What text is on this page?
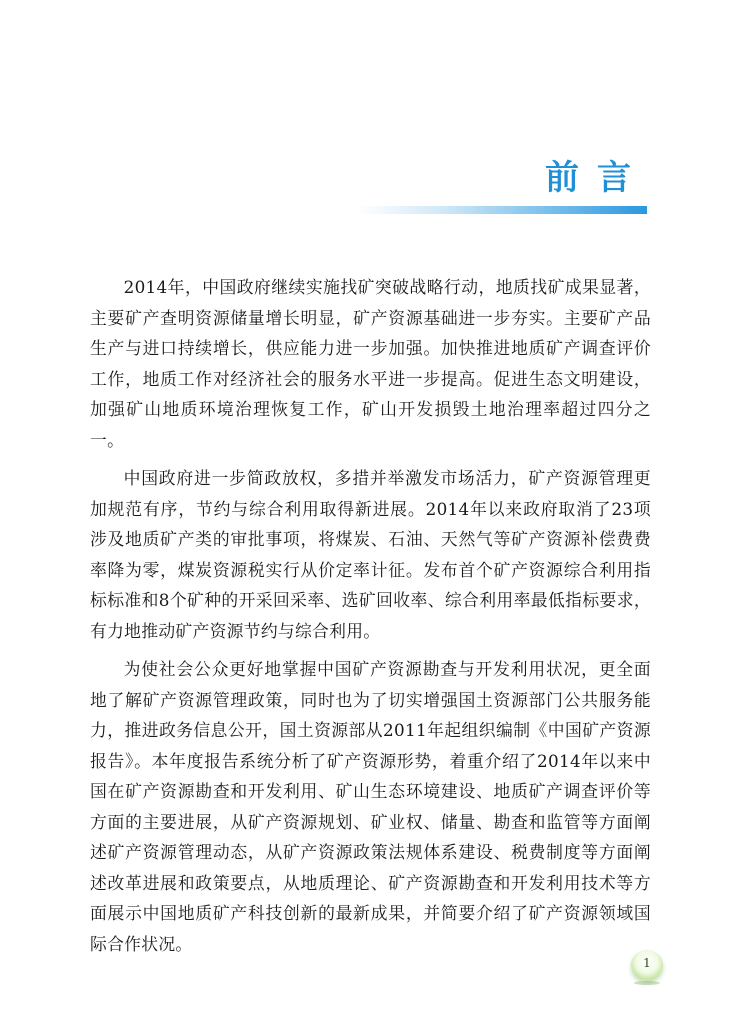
前言

2014年，中国政府继续实施找矿突破战略行动，地质找矿成果显著，主要矿产查明资源储量增长明显，矿产资源基础进一步夯实。主要矿产品生产与进口持续增长，供应能力进一步加强。加快推进地质矿产调查评价工作，地质工作对经济社会的服务水平进一步提高。促进生态文明建设，加强矿山地质环境治理恢复工作，矿山开发损毁土地治理率超过四分之一。

中国政府进一步简政放权，多措并举激发市场活力，矿产资源管理更加规范有序，节约与综合利用取得新进展。2014年以来政府取消了23项涉及地质矿产类的审批事项，将煤炭、石油、天然气等矿产资源补偿费费率降为零，煤炭资源税实行从价定率计征。发布首个矿产资源综合利用指标标准和8个矿种的开采回采率、选矿回收率、综合利用率最低指标要求，有力地推动矿产资源节约与综合利用。

为使社会公众更好地掌握中国矿产资源勘查与开发利用状况，更全面地了解矿产资源管理政策，同时也为了切实增强国土资源部门公共服务能力，推进政务信息公开，国土资源部从2011年起组织编制《中国矿产资源报告》。本年度报告系统分析了矿产资源形势，着重介绍了2014年以来中国在矿产资源勘查和开发利用、矿山生态环境建设、地质矿产调查评价等方面的主要进展，从矿产资源规划、矿业权、储量、勘查和监管等方面阐述矿产资源管理动态，从矿产资源政策法规体系建设、税费制度等方面阐述改革进展和政策要点，从地质理论、矿产资源勘查和开发利用技术等方面展示中国地质矿产科技创新的最新成果，并简要介绍了矿产资源领域国际合作状况。

1
